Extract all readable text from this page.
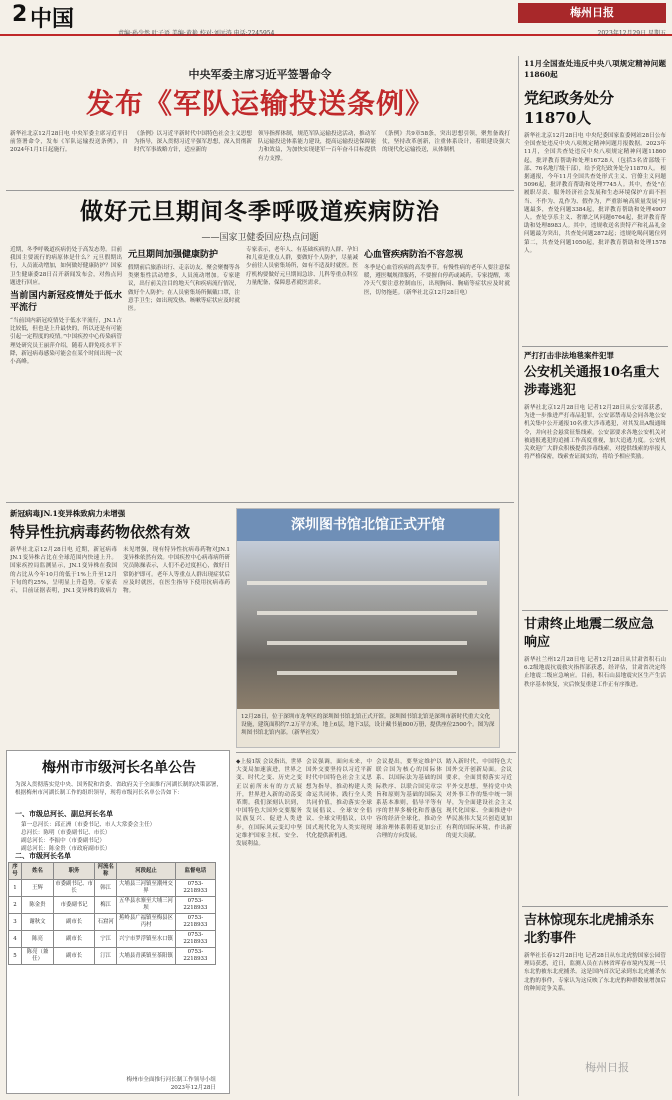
2 中国
责编:孙少然 叶子语 美编:黄艳 校对:刘远涛 电话:2245954
梅州日报
2023年12月29日 星期五
中央军委主席习近平签署命令
发布《军队运输投送条例》
新华社北京12月28日电 中央军委主席习近平日前签署命令，发布《军队运输投送条例》，自2024年1月1日起施行。
《条例》以习近平新时代中国特色社会主义思想为指导，深入贯彻习近平强军思想，深入贯彻新时代军事战略方针，适应新的
领导指挥体制，规范军队运输投送活动，推动军队运输投送体系能力建设，提高运输投送保障能力和效益，为加快实现建军一百年奋斗目标提供有力支撑。
《条例》共9章58条，突出思想引领，聚焦备战打仗，坚持改革创新，注重体系设计，着眼建设强大的现代化运输投送，从体制机
11月全国查处违反中央八项规定精神问题11860起
党纪政务处分11870人
新华社北京12月28日电 中央纪委国家监委网站28日公布全国查处违反中央八项规定精神问题月报数据。2023年11月，全国共查处违反中央八项规定精神问题11860起，批评教育帮助和处理16728人（包括3名省部级干部、76名地厅级干部），给予党纪政务处分11870人。 根据通报，今年11月全国共查处形式主义、官僚主义问题5096起，批评教育帮助和处理7745人。其中，查处"在履职尽责、服务经济社会发展和生态环境保护方面不担当、不作为、乱作为、假作为，严重影响高质量发展"问题最多，查处问题3384起，批评教育帮助和处理4907人。查处享乐主义、奢靡之风问题6764起，批评教育帮助和处理8983人。其中，违规收送名贵特产和礼品礼金问题最为突出，共查处问题2872起；违规吃喝问题位列第二，共查处问题1050起，批评教育帮助和处理1578人。
做好元旦期间冬季呼吸道疾病防治
——国家卫健委回应热点问题
近期，冬季呼吸道疾病仍处于高发态势。目前我国主要流行的病原体是什么？元旦假期出行，人员流动增加，如何做好健康防护？国家卫生健康委28日召开新闻发布会，对热点问题进行回应。
当前国内新冠疫情处于低水平流行
“当前国内新冠疫情处于低水平流行，JN.1占比较低，但也是上升最快的，所以还是有可能引起一定程度的疫情。”中国疾控中心传染病管理处研究员王丽萍介绍，随着人群免疫水平下降，新冠病毒感染可能会在某个时间出现一次小高峰。
元旦期间加强健康防护
假期前后旅游出行、走亲访友、聚会聚餐等各类聚集性活动增多，人员流动增加。专家建议，出行前关注目的地天气和疾病流行情况，做好个人防护；在人员密集场所佩戴口罩，注意手卫生；如出现发热、咳嗽等症状应及时就医。
专家表示，老年人、有基础疾病的人群、孕妇和儿童是重点人群，要做好个人防护，尽量减少前往人员密集场所，如有不适及时就医。医疗机构要做好元旦期间急诊、儿科等重点科室力量配备，保障患者就医需求。
心血管疾病防治不容忽视
冬季是心血管疾病的高发季节。有慢性病的老年人要注意保暖，遵医嘱规律服药，不要擅自停药或减药。专家提醒，寒冷天气要注意控制血压，出现胸闷、胸痛等症状应及时就医，切勿拖延。（新华社北京12月28日电）
严打打击非法地毯案件犯罪
公安机关通报10名重大涉毒逃犯
新华社北京12月28日电 记者12月28日从公安部获悉，为进一步推进严打毒品犯罪，公安部禁毒局会同各地公安机关集中公开通报10名重大涉毒逃犯，对其发出A级通缉令，并向社会悬赏征集线索。公安部要求各地公安机关对被通报逃犯的追捕工作高度重视，加大追逃力度。公安机关欢迎广大群众积极提供涉毒线索，对提供线索的举报人将严格保密，线索查证属实的，将给予相应奖励。
新冠病毒JN.1变异株致病力未增强
特异性抗病毒药物依然有效
新华社北京12月28日电 近期，新冠病毒JN.1变异株占比在全球范围内快速上升。国家疾控局监测显示，JN.1变异株在我国的占比从今年10月的低于1%上升至12月下旬的约25%，呈明显上升趋势。专家表示，目前证据表明，JN.1变异株的致病力未见增强，现有特异性抗病毒药物对JN.1变异株依然有效。中国疾控中心病毒病所研究员陈操表示，人们不必过度担心，做好日常防护即可。老年人等重点人群出现症状后应及时就医，在医生指导下使用抗病毒药物。
深圳图书馆北馆正式开馆
12月28日，位于深圳市龙华区的深圳图书馆北馆正式开馆。深圳图书馆北馆是深圳市新时代重大文化设施，建筑面积约7.2万平方米，地上6层，地下3层，设计藏书量800万册，提供座位2500个。图为深圳图书馆北馆内部。（新华社发）
甘肃终止地震二级应急响应
新华社兰州12月28日电 记者12月28日从甘肃省积石山6.2级地震抗震救灾指挥部获悉，经评估，甘肃省决定终止地震二级应急响应。目前，积石山县地震灾区生产生活秩序基本恢复，灾后恢复重建工作正有序推进。
◆上接1版 会议指出，世界大变局加速演进，世界之变、时代之变、历史之变正以前所未有的方式展开，世界进入新的动荡变革期。我们深刻认识到，中国特色大国外交要服务民族复兴、促进人类进步，在国际风云变幻中坚定维护国家主权、安全、发展利益。
会议强调，面向未来，中国外交要坚持以习近平新时代中国特色社会主义思想为指导，推动构建人类命运共同体，践行全人类共同价值，推动落实全球发展倡议、全球安全倡议、全球文明倡议，以中国式现代化为人类实现现代化提供新机遇。
会议提出，要坚定维护以联合国为核心的国际体系、以国际法为基础的国际秩序、以联合国宪章宗旨和原则为基础的国际关系基本准则，倡导平等有序的世界多极化和普惠包容的经济全球化，推动全球治理体系朝着更加公正合理的方向发展。
踏入新时代，中国特色大国外交开创新局面。会议要求，全面贯彻落实习近平外交思想，坚持党中央对外事工作的集中统一领导，为全面建设社会主义现代化国家、全面推进中华民族伟大复兴创造更加有利的国际环境，作出新的更大贡献。
吉林惊现东北虎捕杀东北豹事件
新华社长春12月28日电 记者28日从东北虎豹国家公园管理局获悉，近日，监测人员在吉林省珲春市境内发现一只东北豹被东北虎捕杀。这是国内首次记录到东北虎捕杀东北豹的事件，专家认为这反映了东北虎豹种群数量增加后的种间竞争关系。
梅州市市级河长名单公告
为深入贯彻落实党中央、国务院和省委、省政府关于全面推行河湖长制的决策部署，根据梅州市河湖长制工作的组织领导，现将市级河长名单公告如下：
一、市级总河长、副总河长名单
第一总河长：邱正洲（市委书记、市人大常委会主任）
总河长：陈明（市委副书记、市长）
副总河长：李振中（市委副书记）
副总河长：陈金贵（市政府副市长）
二、市级河长名单
序号	姓名	职务	河流名称	河段起止	监督电话
1	王辉	市委副书记、市长	韩江	大埔县三河镇至潮州交界	0753-2218933
2	陈金贵	市委副书记	梅江	五华县水寨至大埔三河坝	0753-2218933
3	谢秋文	副市长	石窟河	蕉岭县广福镇至梅县区丙村	0753-2218933
4	陈亮	副市长	宁江	兴宁市罗浮镇至水口镇	0753-2218933
5	陈亮（兼任）	副市长	汀江	大埔县青溪镇至茶阳镇	0753-2218933
梅州市全面推行河长制工作领导小组
2023年12月28日
梅州日报
